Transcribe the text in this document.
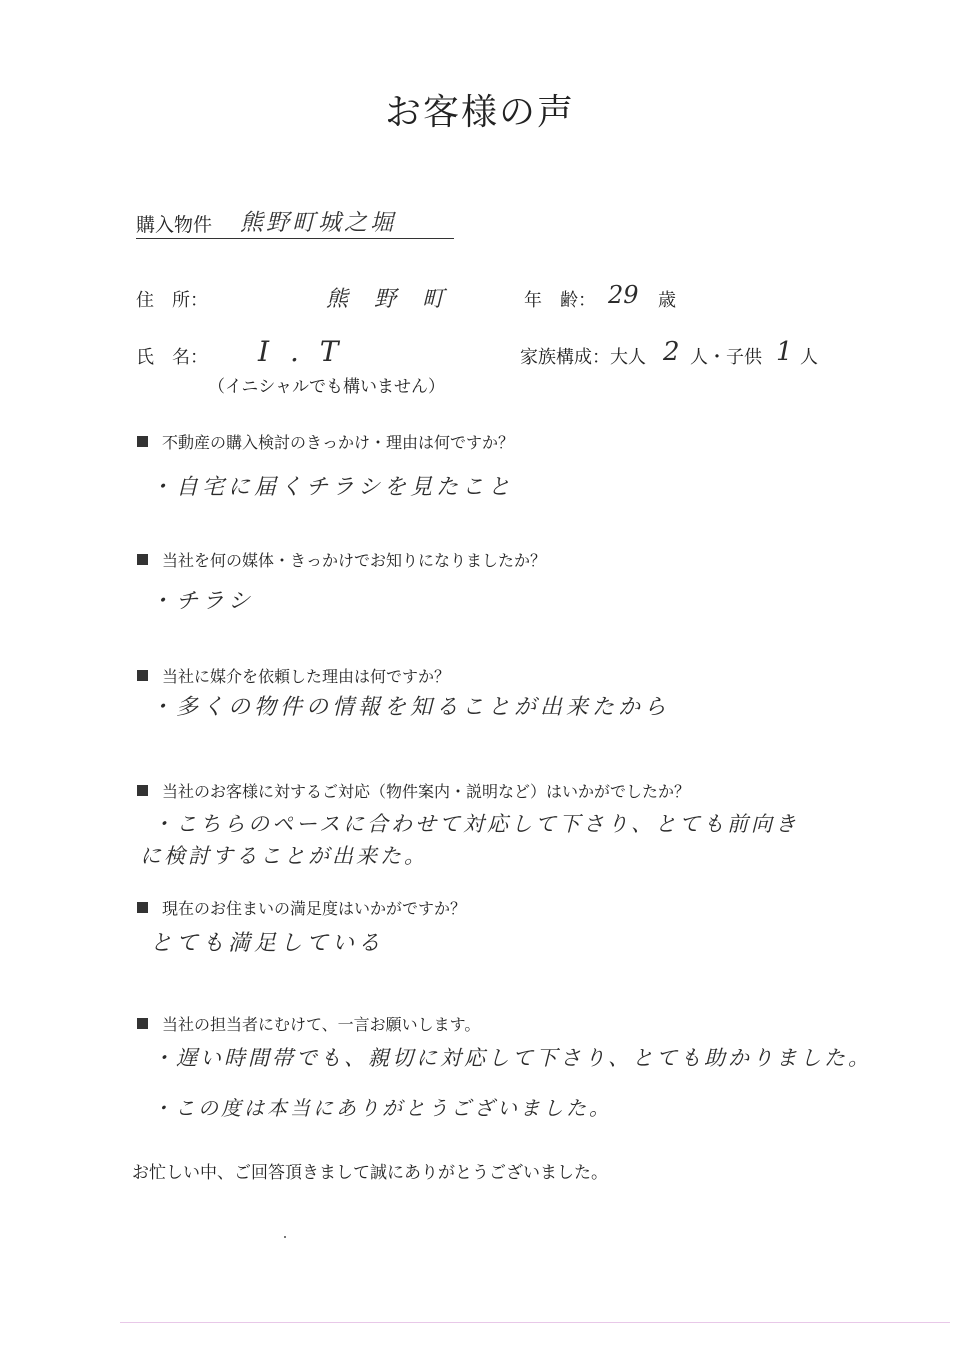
お客様の声
購入物件 熊野町城之堀
住　所：	熊　野　町	年　齢： 29 歳
氏　名： I . T
（イニシャルでも構いません）
家族構成：大人 2 人・子供 1 人
不動産の購入検討のきっかけ・理由は何ですか？
・自宅に届くチラシを見たこと
当社を何の媒体・きっかけでお知りになりましたか？
・チラシ
当社に媒介を依頼した理由は何ですか？
・多くの物件の情報を知ることが出来たから
当社のお客様に対するご対応（物件案内・説明など）はいかがでしたか？
・こちらのペースに合わせて対応して下さり、とても前向き
に検討することが出来た。
現在のお住まいの満足度はいかがですか？
とても満足している
当社の担当者にむけて、一言お願いします。
・遅い時間帯でも、親切に対応して下さり、とても助かりました。
・この度は本当にありがとうございました。
お忙しい中、ご回答頂きまして誠にありがとうございました。
